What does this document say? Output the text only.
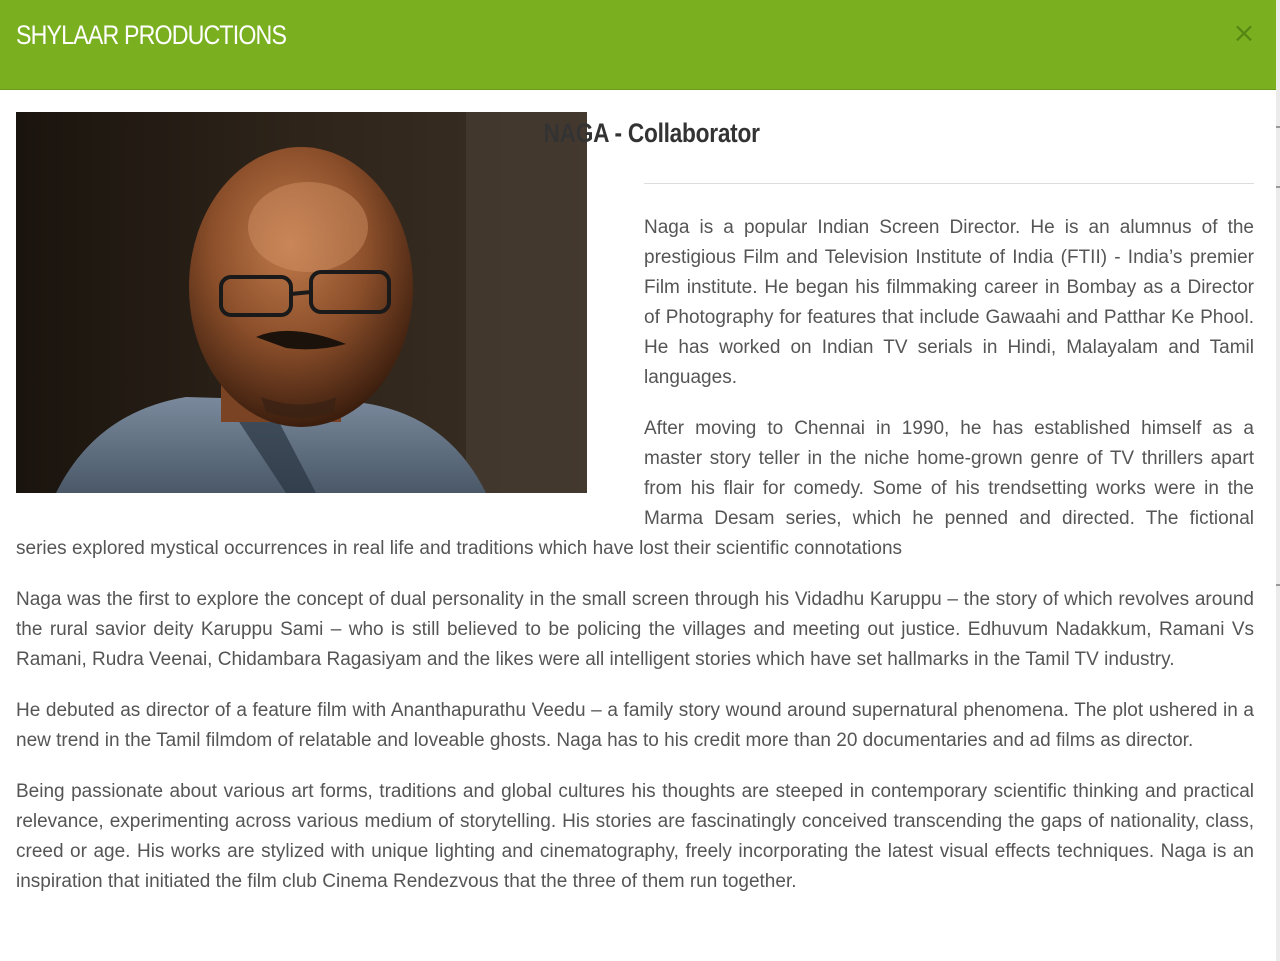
SHYLAAR PRODUCTIONS	×
NAGA - Collaborator

Naga is a popular Indian Screen Director. He is an alumnus of the prestigious Film and Television Institute of India (FTII) - India’s premier Film institute. He began his filmmaking career in Bombay as a Director of Photography for features that include Gawaahi and Patthar Ke Phool. He has worked on Indian TV serials in Hindi, Malayalam and Tamil languages.

After moving to Chennai in 1990, he has established himself as a master story teller in the niche home-grown genre of TV thrillers apart from his flair for comedy. Some of his trendsetting works were in the Marma Desam series, which he penned and directed. The fictional series explored mystical occurrences in real life and traditions which have lost their scientific connotations

Naga was the first to explore the concept of dual personality in the small screen through his Vidadhu Karuppu – the story of which revolves around the rural savior deity Karuppu Sami – who is still believed to be policing the villages and meeting out justice. Edhuvum Nadakkum, Ramani Vs Ramani, Rudra Veenai, Chidambara Ragasiyam and the likes were all intelligent stories which have set hallmarks in the Tamil TV industry.

He debuted as director of a feature film with Ananthapurathu Veedu – a family story wound around supernatural phenomena. The plot ushered in a new trend in the Tamil filmdom of relatable and loveable ghosts. Naga has to his credit more than 20 documentaries and ad films as director.

Being passionate about various art forms, traditions and global cultures his thoughts are steeped in contemporary scientific thinking and practical relevance, experimenting across various medium of storytelling. His stories are fascinatingly conceived transcending the gaps of nationality, class, creed or age. His works are stylized with unique lighting and cinematography, freely incorporating the latest visual effects techniques. Naga is an inspiration that initiated the film club Cinema Rendezvous that the three of them run together.
